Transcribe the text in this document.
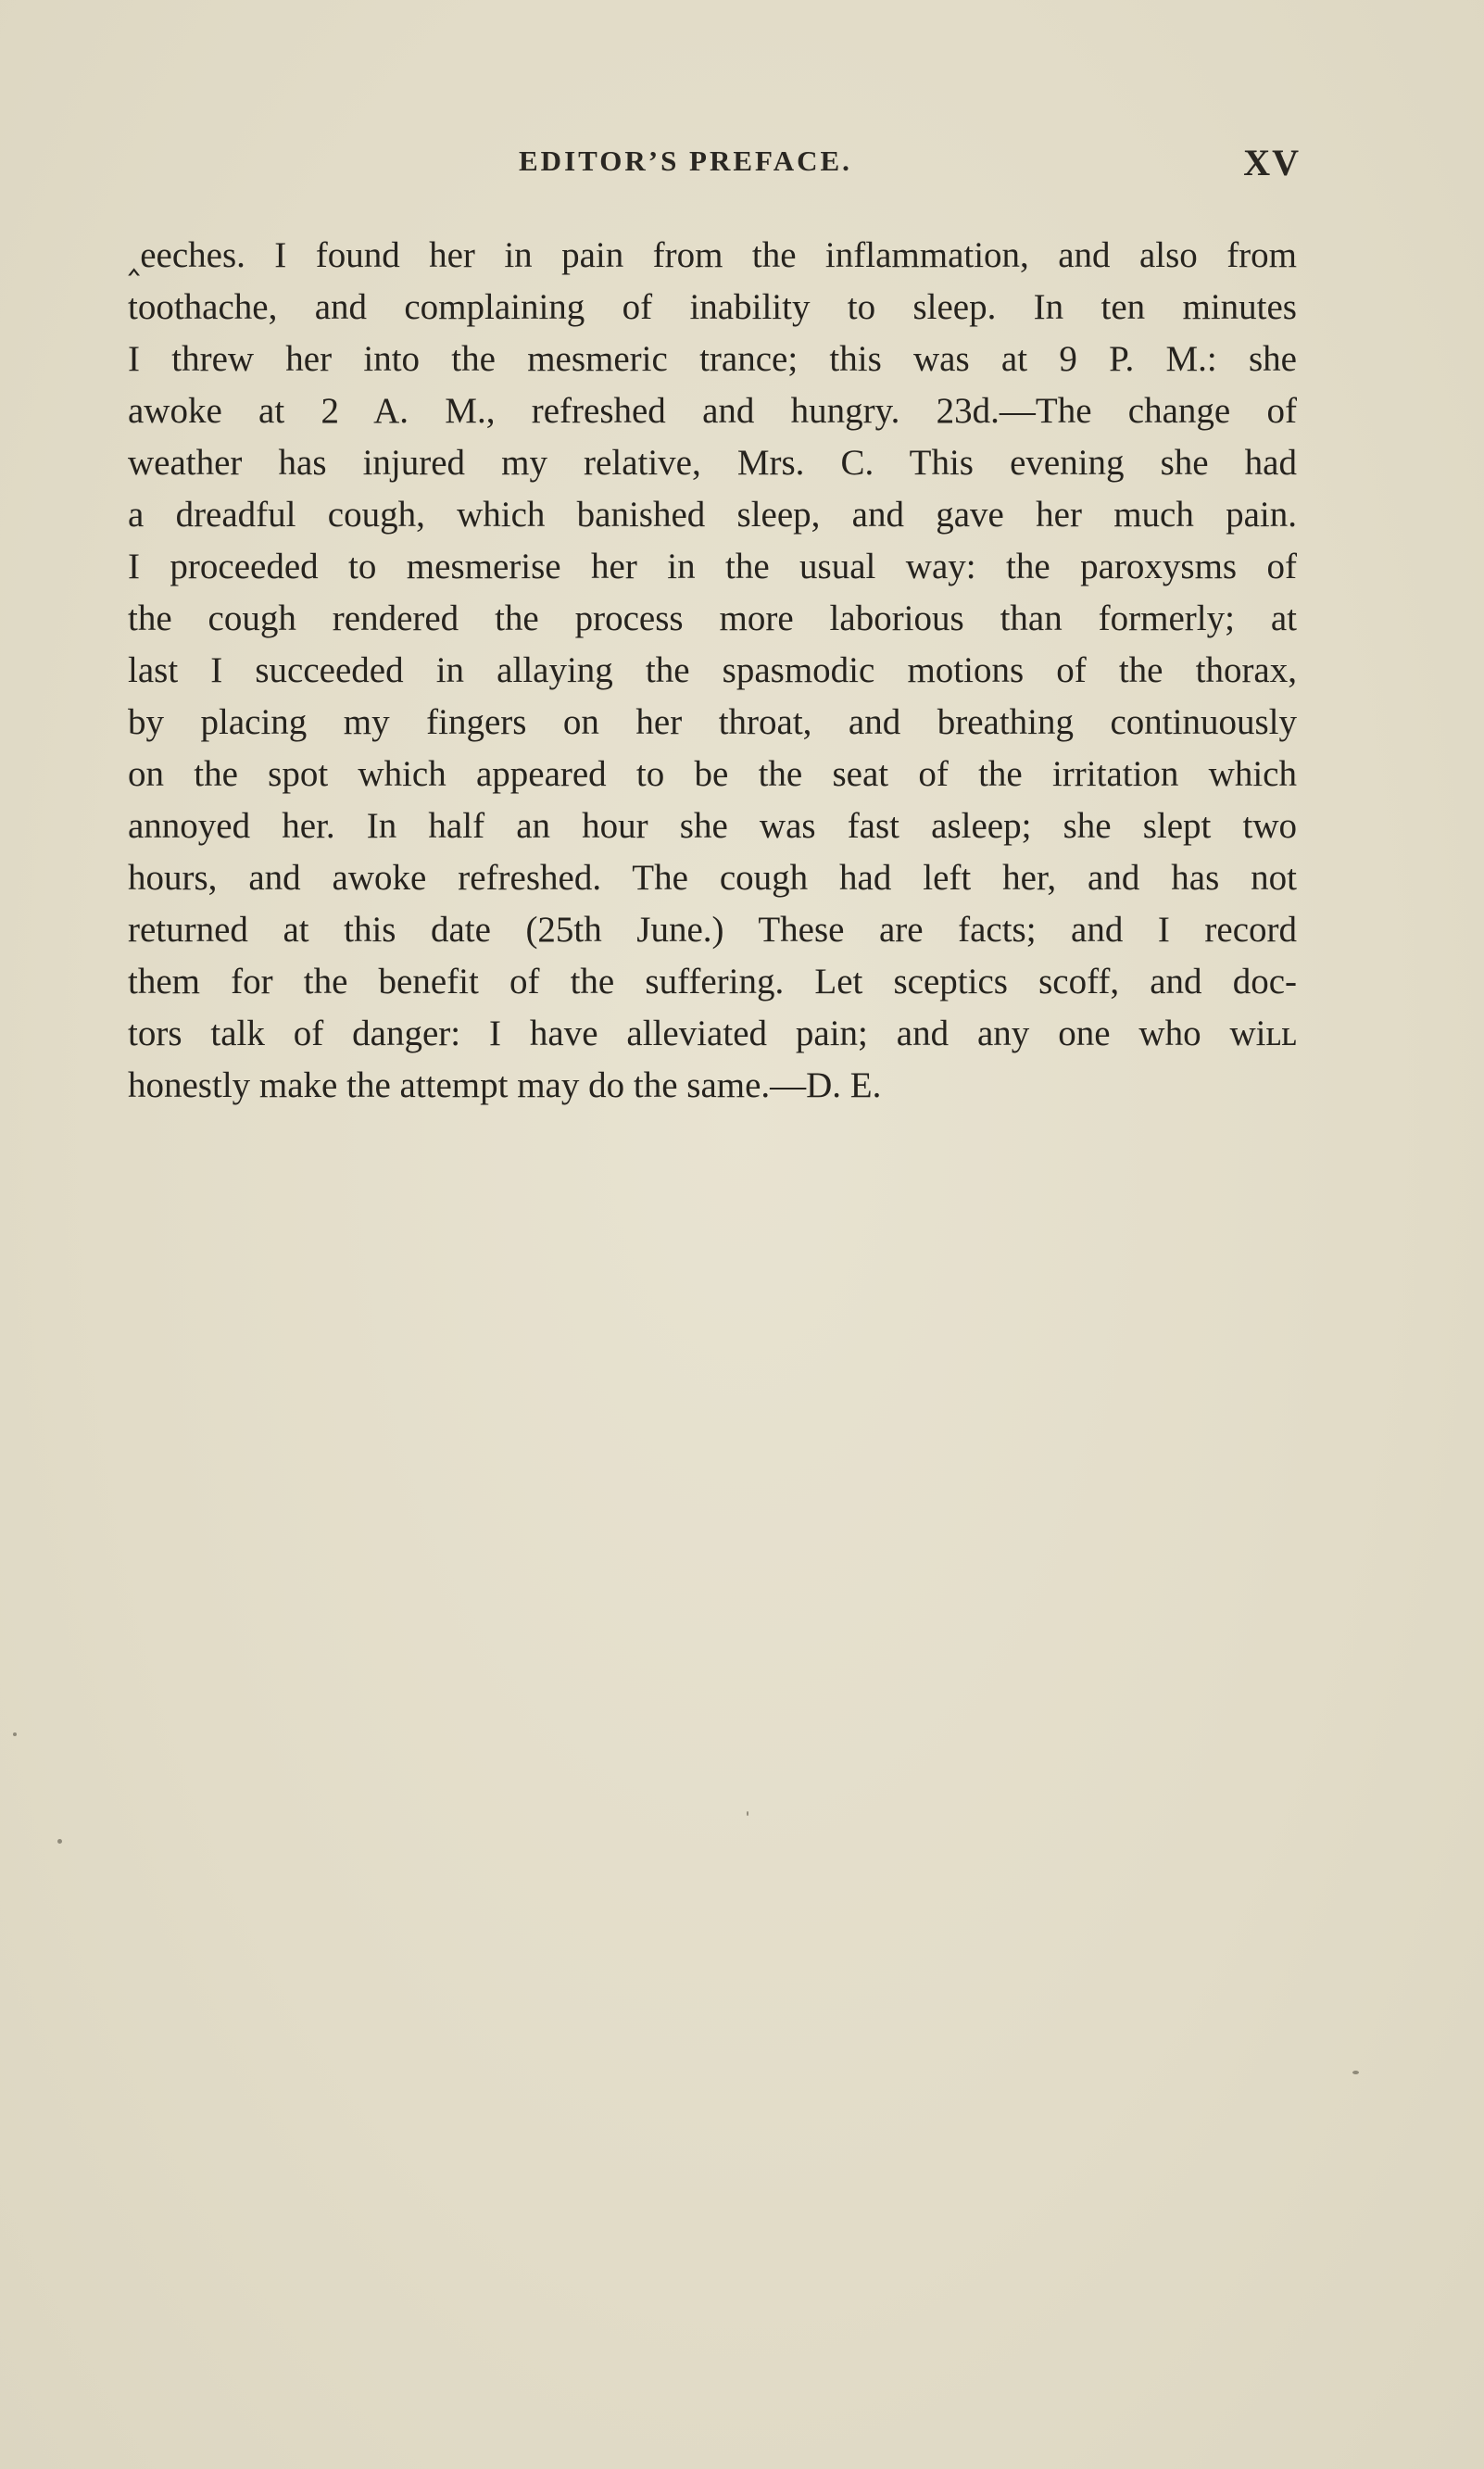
EDITOR’S PREFACE.	XV
‸eeches. I found her in pain from the inflammation, and also from
toothache, and complaining of inability to sleep. In ten minutes
I threw her into the mesmeric trance; this was at 9 P. M.: she
awoke at 2 A. M., refreshed and hungry. 23d.—The change of
weather has injured my relative, Mrs. C. This evening she had
a dreadful cough, which banished sleep, and gave her much pain.
I proceeded to mesmerise her in the usual way: the paroxysms of
the cough rendered the process more laborious than formerly; at
last I succeeded in allaying the spasmodic motions of the thorax,
by placing my fingers on her throat, and breathing continuously
on the spot which appeared to be the seat of the irritation which
annoyed her. In half an hour she was fast asleep; she slept two
hours, and awoke refreshed. The cough had left her, and has not
returned at this date (25th June.) These are facts; and I record
them for the benefit of the suffering. Let sceptics scoff, and doc-
tors talk of danger: I have alleviated pain; and any one who wiʟʟ
honestly make the attempt may do the same.—D. E.
